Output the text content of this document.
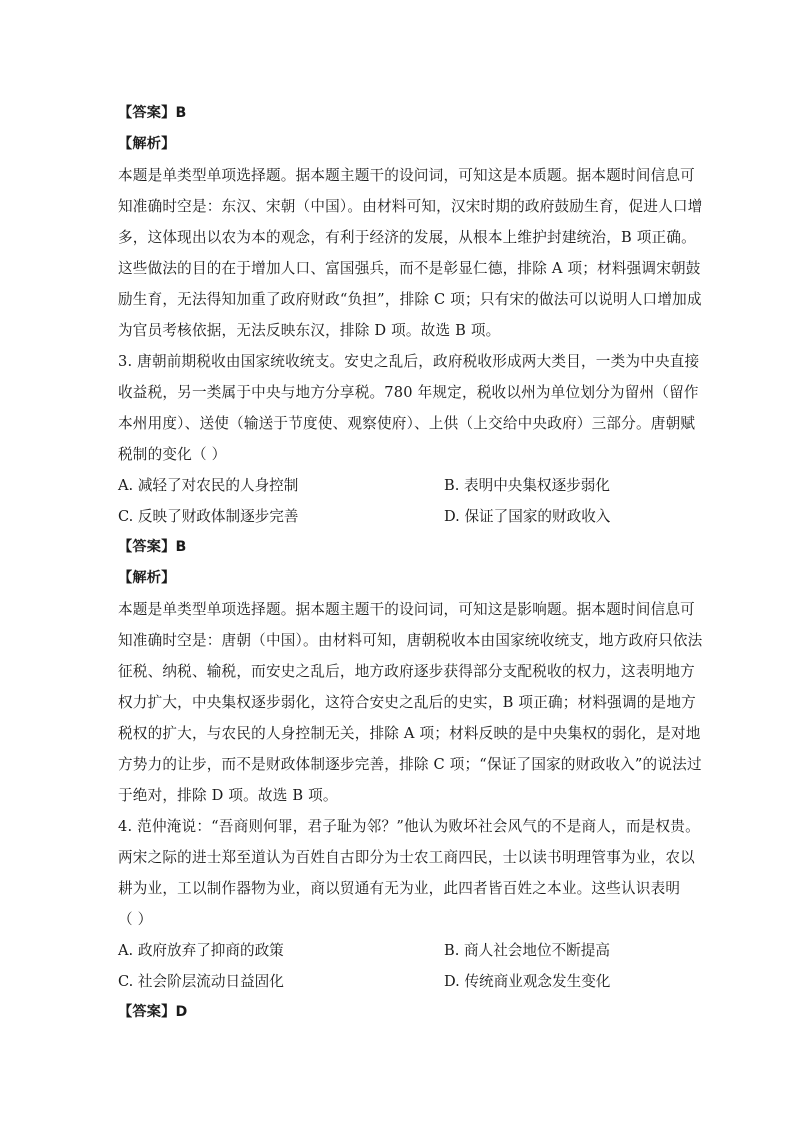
【答案】B
【解析】
本题是单类型单项选择题。据本题主题干的设问词，可知这是本质题。据本题时间信息可
知准确时空是：东汉、宋朝（中国）。由材料可知，汉宋时期的政府鼓励生育，促进人口增
多，这体现出以农为本的观念，有利于经济的发展，从根本上维护封建统治，B 项正确。
这些做法的目的在于增加人口、富国强兵，而不是彰显仁德，排除 A 项；材料强调宋朝鼓
励生育，无法得知加重了政府财政“负担”，排除 C 项；只有宋的做法可以说明人口增加成
为官员考核依据，无法反映东汉，排除 D 项。故选 B 项。
3. 唐朝前期税收由国家统收统支。安史之乱后，政府税收形成两大类目，一类为中央直接
收益税，另一类属于中央与地方分享税。780 年规定，税收以州为单位划分为留州（留作
本州用度）、送使（输送于节度使、观察使府）、上供（上交给中央政府）三部分。唐朝赋
税制的变化（ ）
A. 减轻了对农民的人身控制	B. 表明中央集权逐步弱化
C. 反映了财政体制逐步完善	D. 保证了国家的财政收入
【答案】B
【解析】
本题是单类型单项选择题。据本题主题干的设问词，可知这是影响题。据本题时间信息可
知准确时空是：唐朝（中国）。由材料可知，唐朝税收本由国家统收统支，地方政府只依法
征税、纳税、输税，而安史之乱后，地方政府逐步获得部分支配税收的权力，这表明地方
权力扩大，中央集权逐步弱化，这符合安史之乱后的史实，B 项正确；材料强调的是地方
税权的扩大，与农民的人身控制无关，排除 A 项；材料反映的是中央集权的弱化，是对地
方势力的让步，而不是财政体制逐步完善，排除 C 项；“保证了国家的财政收入”的说法过
于绝对，排除 D 项。故选 B 项。
4. 范仲淹说：“吾商则何罪，君子耻为邻？”他认为败坏社会风气的不是商人，而是权贵。
两宋之际的进士郑至道认为百姓自古即分为士农工商四民，士以读书明理管事为业，农以
耕为业，工以制作器物为业，商以贸通有无为业，此四者皆百姓之本业。这些认识表明
（ ）
A. 政府放弃了抑商的政策	B. 商人社会地位不断提高
C. 社会阶层流动日益固化	D. 传统商业观念发生变化
【答案】D
